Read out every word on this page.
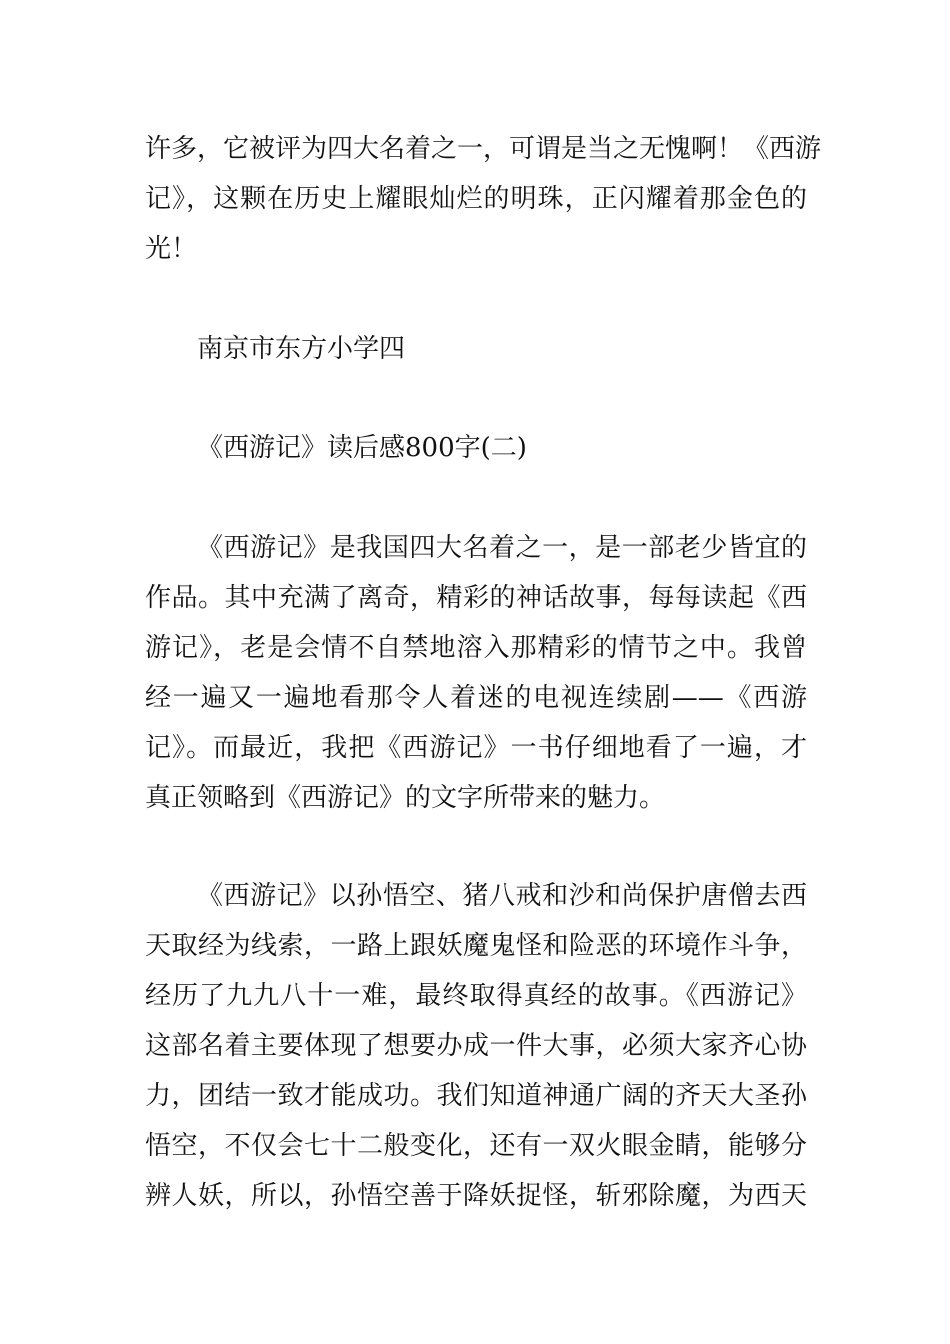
许多，它被评为四大名着之一，可谓是当之无愧啊！《西游
记》，这颗在历史上耀眼灿烂的明珠，正闪耀着那金色的
光！
南京市东方小学四
《西游记》读后感800字(二)
《西游记》是我国四大名着之一，是一部老少皆宜的
作品。其中充满了离奇，精彩的神话故事，每每读起《西
游记》，老是会情不自禁地溶入那精彩的情节之中。我曾
经一遍又一遍地看那令人着迷的电视连续剧——《西游
记》。而最近，我把《西游记》一书仔细地看了一遍，才
真正领略到《西游记》的文字所带来的魅力。
《西游记》以孙悟空、猪八戒和沙和尚保护唐僧去西
天取经为线索，一路上跟妖魔鬼怪和险恶的环境作斗争，
经历了九九八十一难，最终取得真经的故事。《西游记》
这部名着主要体现了想要办成一件大事，必须大家齐心协
力，团结一致才能成功。我们知道神通广阔的齐天大圣孙
悟空，不仅会七十二般变化，还有一双火眼金睛，能够分
辨人妖，所以，孙悟空善于降妖捉怪，斩邪除魔，为西天
